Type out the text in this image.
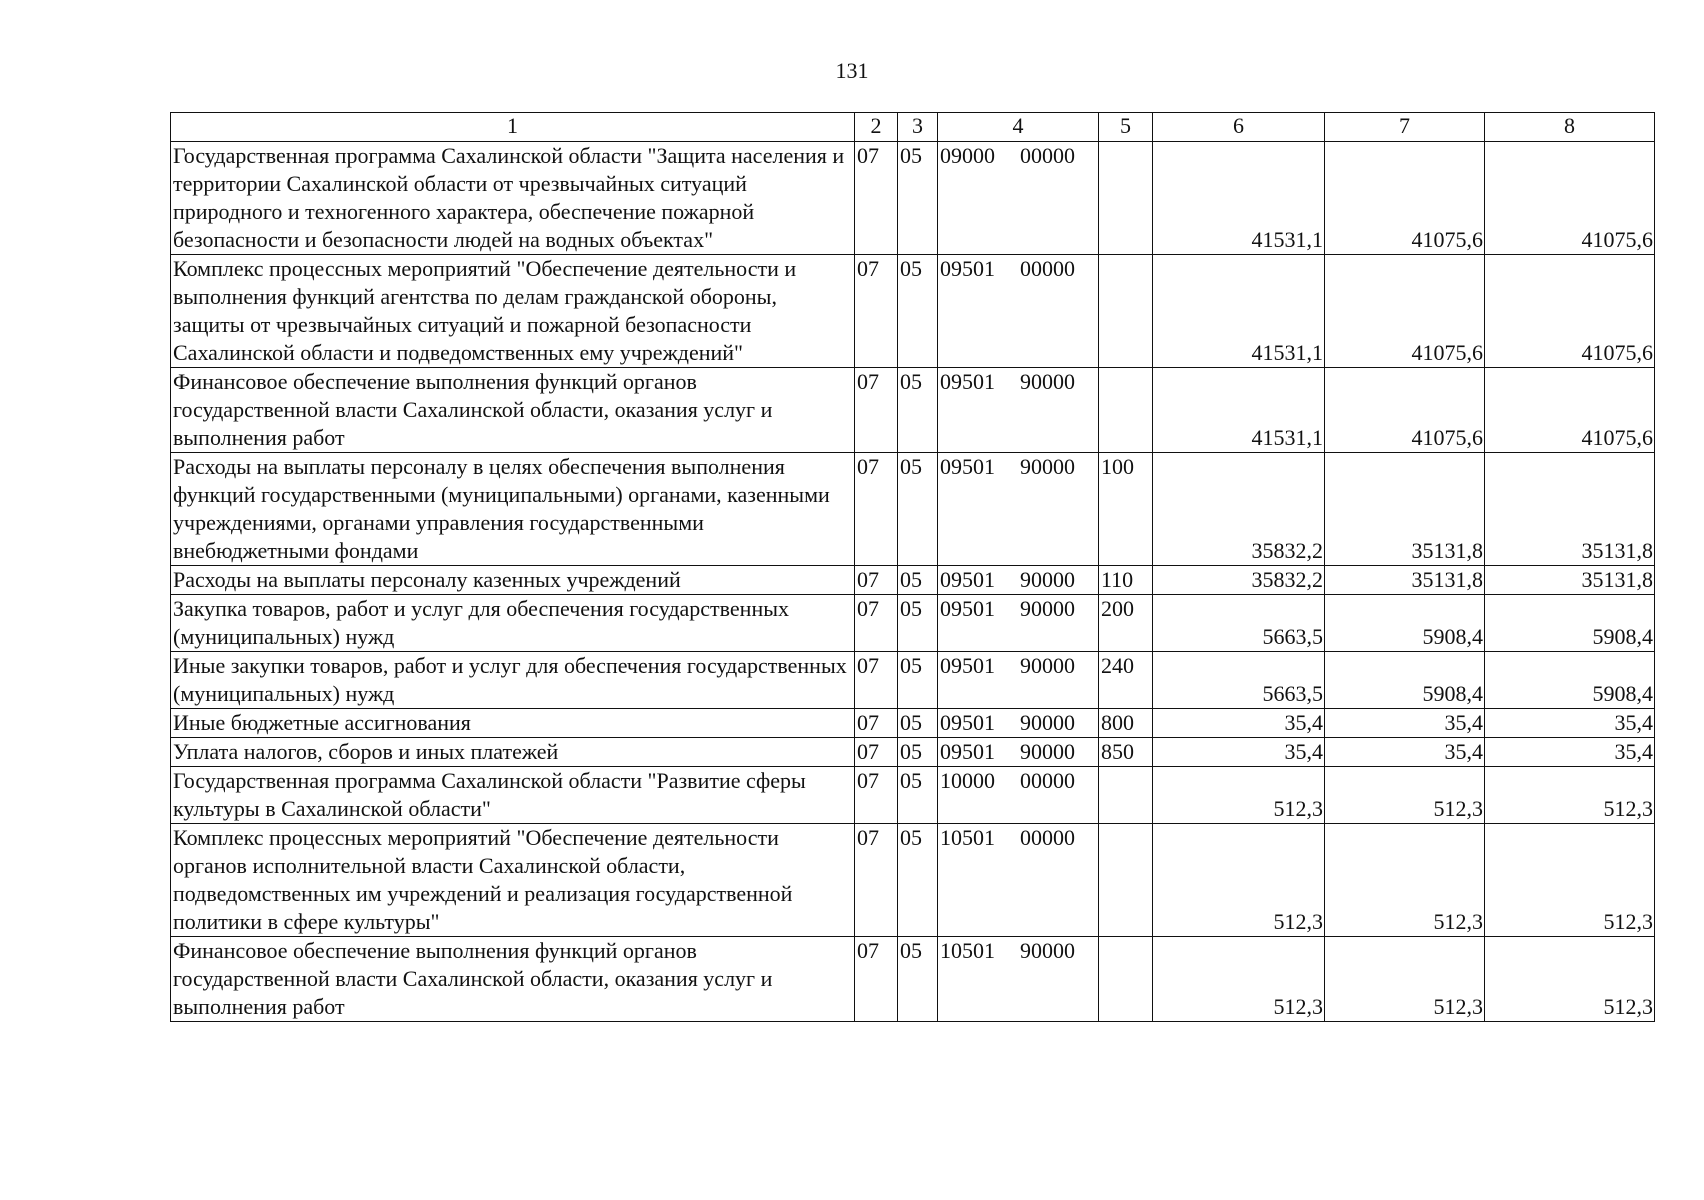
131
1	2	3	4	5	6	7	8
Государственная программа Сахалинской области "Защита населения и территории Сахалинской области от чрезвычайных ситуаций природного и техногенного характера, обеспечение пожарной безопасности и безопасности людей на водных объектах"	07	05	09000 00000		41531,1	41075,6	41075,6
Комплекс процессных мероприятий "Обеспечение деятельности и выполнения функций агентства по делам гражданской обороны, защиты от чрезвычайных ситуаций и пожарной безопасности Сахалинской области и подведомственных ему учреждений"	07	05	09501 00000		41531,1	41075,6	41075,6
Финансовое обеспечение выполнения функций органов государственной власти Сахалинской области, оказания услуг и выполнения работ	07	05	09501 90000		41531,1	41075,6	41075,6
Расходы на выплаты персоналу в целях обеспечения выполнения функций государственными (муниципальными) органами, казенными учреждениями, органами управления государственными внебюджетными фондами	07	05	09501 90000	100	35832,2	35131,8	35131,8
Расходы на выплаты персоналу казенных учреждений	07	05	09501 90000	110	35832,2	35131,8	35131,8
Закупка товаров, работ и услуг для обеспечения государственных (муниципальных) нужд	07	05	09501 90000	200	5663,5	5908,4	5908,4
Иные закупки товаров, работ и услуг для обеспечения государственных (муниципальных) нужд	07	05	09501 90000	240	5663,5	5908,4	5908,4
Иные бюджетные ассигнования	07	05	09501 90000	800	35,4	35,4	35,4
Уплата налогов, сборов и иных платежей	07	05	09501 90000	850	35,4	35,4	35,4
Государственная программа Сахалинской области "Развитие сферы культуры в Сахалинской области"	07	05	10000 00000		512,3	512,3	512,3
Комплекс процессных мероприятий "Обеспечение деятельности органов исполнительной власти Сахалинской области, подведомственных им учреждений и реализация государственной политики в сфере культуры"	07	05	10501 00000		512,3	512,3	512,3
Финансовое обеспечение выполнения функций органов государственной власти Сахалинской области, оказания услуг и выполнения работ	07	05	10501 90000		512,3	512,3	512,3
